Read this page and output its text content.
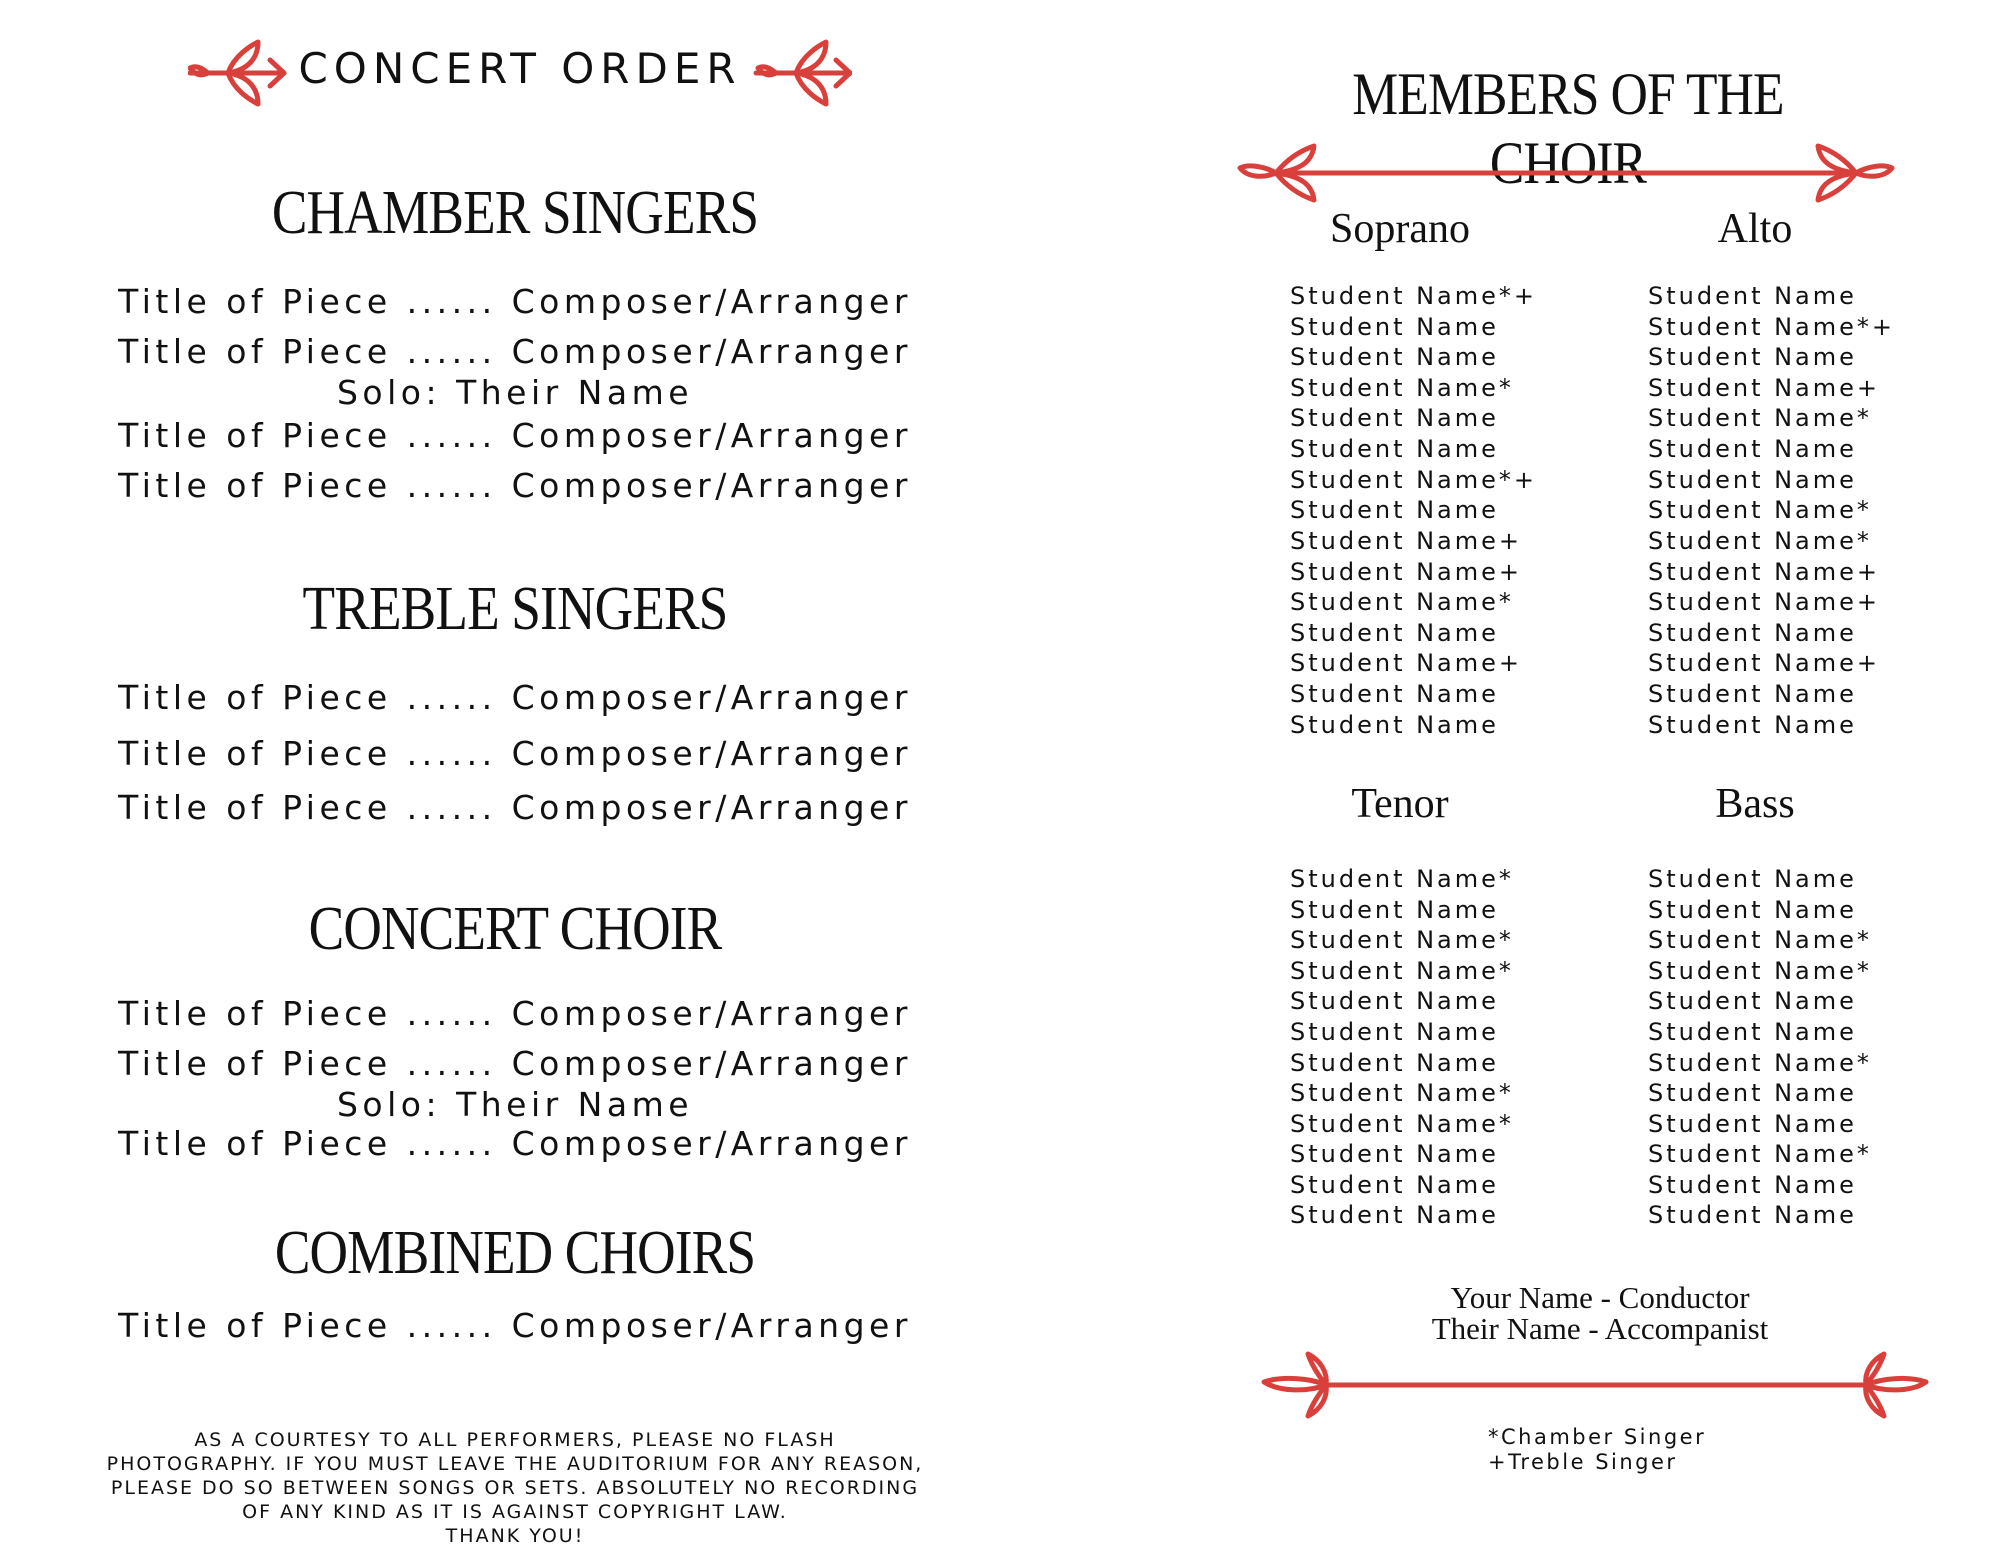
CONCERT ORDER
CHAMBER SINGERS
Title of Piece ...... Composer/Arranger
Title of Piece ...... Composer/Arranger
Solo: Their Name
Title of Piece ...... Composer/Arranger
Title of Piece ...... Composer/Arranger
TREBLE SINGERS
Title of Piece ...... Composer/Arranger
Title of Piece ...... Composer/Arranger
Title of Piece ...... Composer/Arranger
CONCERT CHOIR
Title of Piece ...... Composer/Arranger
Title of Piece ...... Composer/Arranger
Solo: Their Name
Title of Piece ...... Composer/Arranger
COMBINED CHOIRS
Title of Piece ...... Composer/Arranger
AS A COURTESY TO ALL PERFORMERS, PLEASE NO FLASH
PHOTOGRAPHY. IF YOU MUST LEAVE THE AUDITORIUM FOR ANY REASON,
PLEASE DO SO BETWEEN SONGS OR SETS. ABSOLUTELY NO RECORDING
OF ANY KIND AS IT IS AGAINST COPYRIGHT LAW.
THANK YOU!
MEMBERS OF THE CHOIR
Soprano	Alto
Tenor	Bass
Student Name*+
Student Name
Student Name
Student Name*
Student Name
Student Name
Student Name*+
Student Name
Student Name+
Student Name+
Student Name*
Student Name
Student Name+
Student Name
Student Name
Student Name
Student Name*+
Student Name
Student Name+
Student Name*
Student Name
Student Name
Student Name*
Student Name*
Student Name+
Student Name+
Student Name
Student Name+
Student Name
Student Name
Student Name*
Student Name
Student Name*
Student Name*
Student Name
Student Name
Student Name
Student Name*
Student Name*
Student Name
Student Name
Student Name
Student Name
Student Name
Student Name*
Student Name*
Student Name
Student Name
Student Name*
Student Name
Student Name
Student Name*
Student Name
Student Name
Your Name - Conductor
Their Name - Accompanist
*Chamber Singer
+Treble Singer
